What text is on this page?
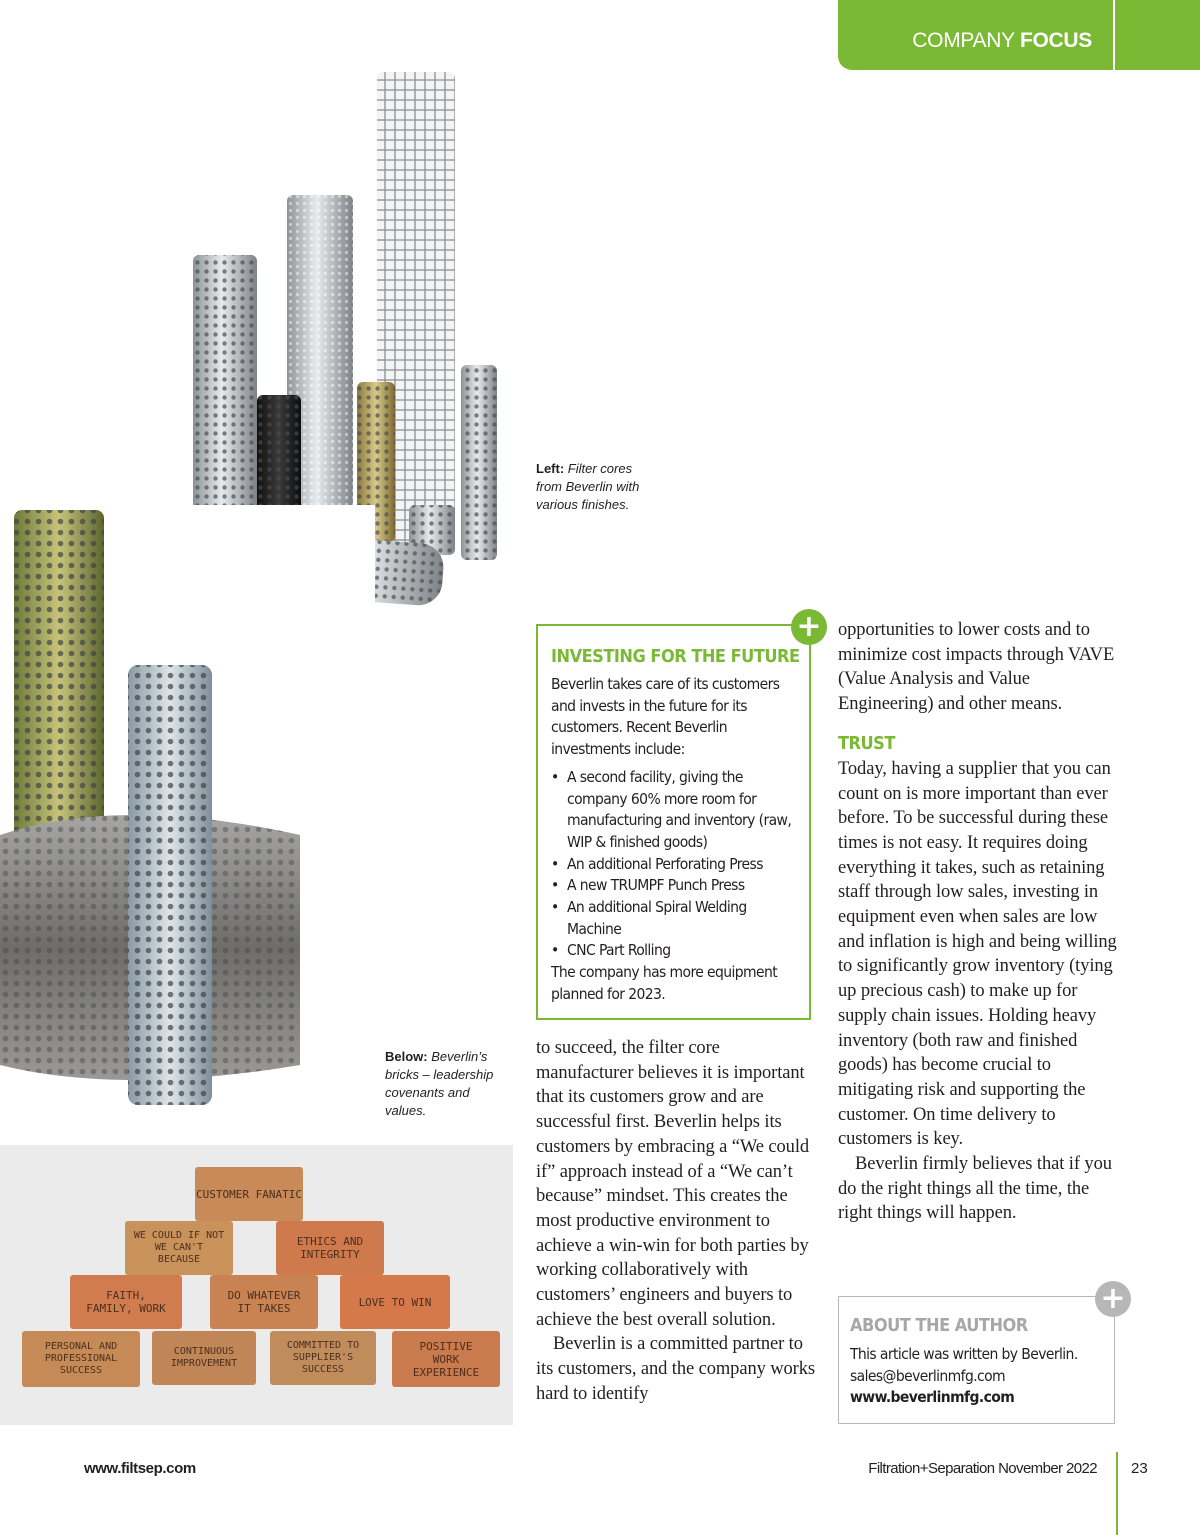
COMPANY FOCUS
Left: Filter cores from Beverlin with various finishes.
Below: Beverlin’s bricks – leadership covenants and values.
CUSTOMER FANATIC
WE COULD IF NOT WE CAN'T BECAUSE
ETHICS AND INTEGRITY
FAITH, FAMILY, WORK
DO WHATEVER IT TAKES	LOVE TO WIN
PERSONAL AND PROFESSIONAL SUCCESS
CONTINUOUS IMPROVEMENT
COMMITTED TO SUPPLIER'S SUCCESS
POSITIVE WORK EXPERIENCE
INVESTING FOR THE FUTURE
Beverlin takes care of its customers and invests in the future for its customers. Recent Beverlin investments include:
• A second facility, giving the company 60% more room for manufacturing and inventory (raw, WIP & finished goods)
• An additional Perforating Press
• A new TRUMPF Punch Press
• An additional Spiral Welding Machine
• CNC Part Rolling
The company has more equipment planned for 2023.
+

to succeed, the filter core manufacturer believes it is important that its customers grow and are successful first. Beverlin helps its customers by embracing a “We could if” approach instead of a “We can’t because” mindset. This creates the most productive environment to achieve a win-win for both parties by working collaboratively with customers’ engineers and buyers to achieve the best overall solution.

Beverlin is a committed partner to its customers, and the company works hard to identify

opportunities to lower costs and to minimize cost impacts through VAVE (Value Analysis and Value Engineering) and other means.

TRUST

Today, having a supplier that you can count on is more important than ever before. To be successful during these times is not easy. It requires doing everything it takes, such as retaining staff through low sales, investing in equipment even when sales are low and inflation is high and being willing to significantly grow inventory (tying up precious cash) to make up for supply chain issues. Holding heavy inventory (both raw and finished goods) has become crucial to mitigating risk and supporting the customer. On time delivery to customers is key.

Beverlin firmly believes that if you do the right things all the time, the right things will happen.

ABOUT THE AUTHOR
This article was written by Beverlin.
sales@beverlinmfg.com
www.beverlinmfg.com
+
www.filtsep.com	Filtration+Separation November 2022 23
